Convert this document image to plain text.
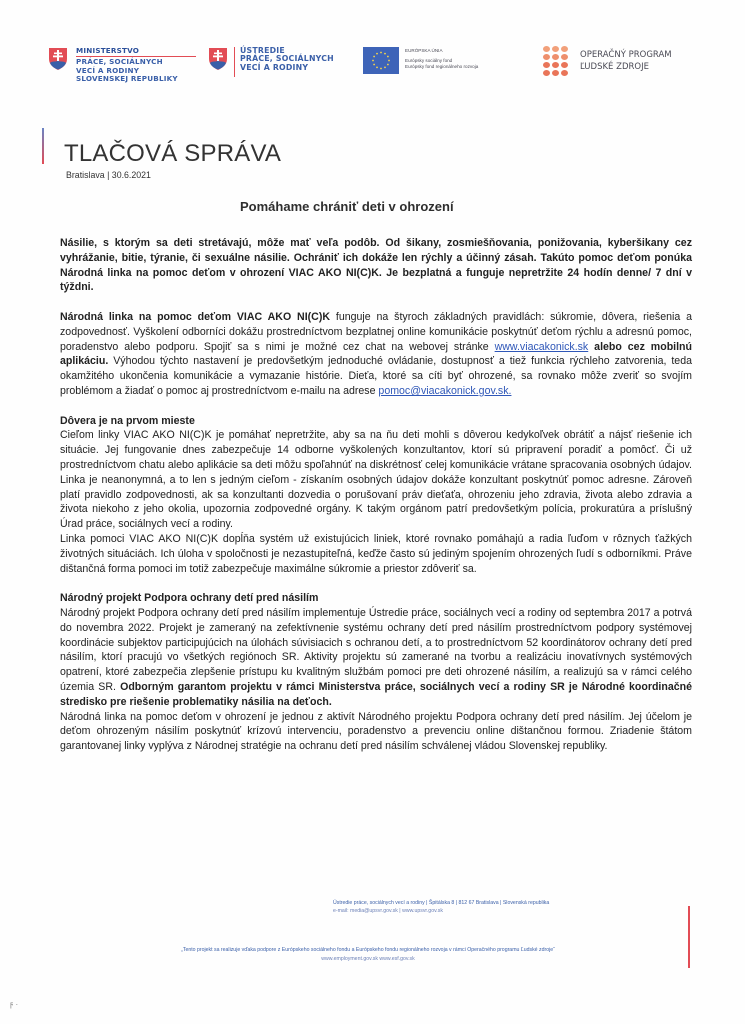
MINISTERSTVO
PRÁCE, SOCIÁLNYCH
VECÍ A RODINY
SLOVENSKEJ REPUBLIKY
ÚSTREDIE
PRÁCE, SOCIÁLNYCH
VECÍ A RODINY
EURÓPSKA ÚNIA
Európsky sociálny fond
Európsky fond regionálneho rozvoja
OPERAČNÝ PROGRAM
ĽUDSKÉ ZDROJE
TLAČOVÁ SPRÁVA
Bratislava | 30.6.2021
Pomáhame chrániť deti v ohrození

Násilie, s ktorým sa deti stretávajú, môže mať veľa podôb. Od šikany, zosmiešňovania, ponižovania, kyberšikany cez vyhrážanie, bitie, týranie, či sexuálne násilie. Ochrániť ich dokáže len rýchly a účinný zásah. Takúto pomoc deťom ponúka Národná linka na pomoc deťom v ohrození VIAC AKO NI(C)K. Je bezplatná a funguje nepretržite 24 hodín denne/ 7 dní v týždni.

Národná linka na pomoc deťom VIAC AKO NI(C)K funguje na štyroch základných pravidlách: súkromie, dôvera, riešenia a zodpovednosť. Vyškolení odborníci dokážu prostredníctvom bezplatnej online komunikácie poskytnúť deťom rýchlu a adresnú pomoc, poradenstvo alebo podporu. Spojiť sa s nimi je možné cez chat na webovej stránke www.viacakonick.sk alebo cez mobilnú aplikáciu. Výhodou týchto nastavení je predovšetkým jednoduché ovládanie, dostupnosť a tiež funkcia rýchleho zatvorenia, teda okamžitého ukončenia komunikácie a vymazanie histórie. Dieťa, ktoré sa cíti byť ohrozené, sa rovnako môže zveriť so svojím problémom a žiadať o pomoc aj prostredníctvom e-mailu na adrese pomoc@viacakonick.gov.sk.

Dôvera je na prvom mieste

Cieľom linky VIAC AKO NI(C)K je pomáhať nepretržite, aby sa na ňu deti mohli s dôverou kedykoľvek obrátiť a nájsť riešenie ich situácie. Jej fungovanie dnes zabezpečuje 14 odborne vyškolených konzultantov, ktorí sú pripravení poradiť a pomôcť. Či už prostredníctvom chatu alebo aplikácie sa deti môžu spoľahnúť na diskrétnosť celej komunikácie vrátane spracovania osobných údajov. Linka je neanonymná, a to len s jedným cieľom - získaním osobných údajov dokáže konzultant poskytnúť pomoc adresne. Zároveň platí pravidlo zodpovednosti, ak sa konzultanti dozvedia o porušovaní práv dieťaťa, ohrozeniu jeho zdravia, života alebo zdravia a života niekoho z jeho okolia, upozornia zodpovedné orgány. K takým orgánom patrí predovšetkým polícia, prokuratúra a príslušný Úrad práce, sociálnych vecí a rodiny.

Linka pomoci VIAC AKO NI(C)K dopĺňa systém už existujúcich liniek, ktoré rovnako pomáhajú a radia ľuďom v rôznych ťažkých životných situáciách. Ich úloha v spoločnosti je nezastupiteľná, keďže často sú jediným spojením ohrozených ľudí s odborníkmi. Práve dištančná forma pomoci im totiž zabezpečuje maximálne súkromie a priestor zdôveriť sa.

Národný projekt Podpora ochrany detí pred násilím

Národný projekt Podpora ochrany detí pred násilím implementuje Ústredie práce, sociálnych vecí a rodiny od septembra 2017 a potrvá do novembra 2022. Projekt je zameraný na zefektívnenie systému ochrany detí pred násilím prostredníctvom podpory systémovej koordinácie subjektov participujúcich na úlohách súvisiacich s ochranou detí, a to prostredníctvom 52 koordinátorov ochrany detí pred násilím, ktorí pracujú vo všetkých regiónoch SR. Aktivity projektu sú zamerané na tvorbu a realizáciu inovatívnych systémových opatrení, ktoré zabezpečia zlepšenie prístupu ku kvalitným službám pomoci pre deti ohrozené násilím, a realizujú sa v rámci celého územia SR. Odborným garantom projektu v rámci Ministerstva práce, sociálnych vecí a rodiny SR je Národné koordinačné stredisko pre riešenie problematiky násilia na deťoch.

Národná linka na pomoc deťom v ohrození je jednou z aktivít Národného projektu Podpora ochrany detí pred násilím. Jej účelom je deťom ohrozeným násilím poskytnúť krízovú intervenciu, poradenstvo a prevenciu online dištančnou formou. Zriadenie štátom garantovanej linky vyplýva z Národnej stratégie na ochranu detí pred násilím schválenej vládou Slovenskej republiky.

Ústredie práce, sociálnych vecí a rodiny | Špitálska 8 | 812 67 Bratislava | Slovenská republika
e-mail: media@upsvr.gov.sk | www.upsvr.gov.sk
„Tento projekt sa realizuje vďaka podpore z Európskeho sociálneho fondu a Európskeho fondu regionálneho rozvoja v rámci Operačného programu Ľudské zdroje“
www.employment.gov.sk www.esf.gov.sk
ϝ ·
